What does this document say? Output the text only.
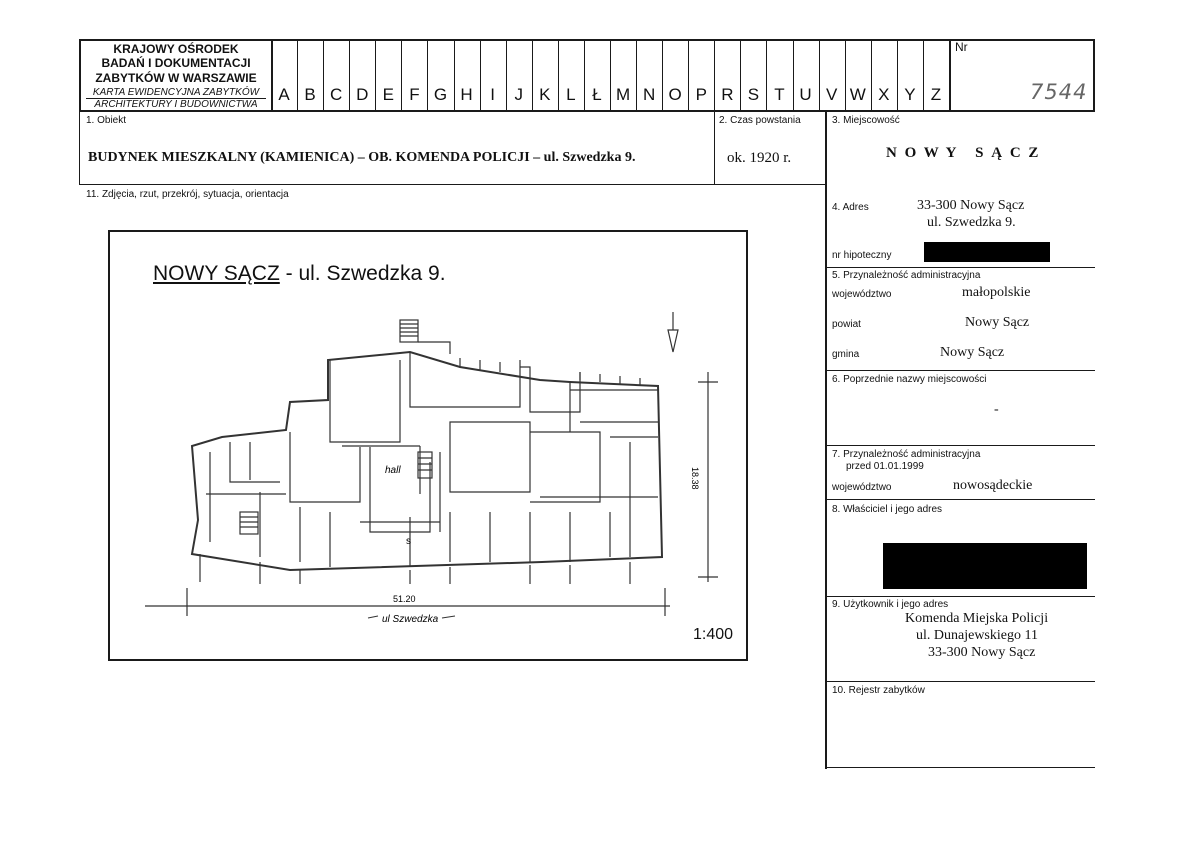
KRAJOWY OŚRODEK
BADAŃ I DOKUMENTACJI
ZABYTKÓW W WARSZAWIE
KARTA EWIDENCYJNA ZABYTKÓW
ARCHITEKTURY I BUDOWNICTWA
A B C D E F G H	I	J K L Ł M N O P R S T U V W X Y Z
Nr
7544
1. Obiekt
BUDYNEK MIESZKALNY (KAMIENICA) – OB. KOMENDA POLICJI – ul. Szwedzka 9.
2. Czas powstania
ok. 1920 r.
3. Miejscowość
N O W Y   S Ą C Z
11. Zdjęcia, rzut, przekrój, sytuacja, orientacja
NOWY SĄCZ - ul. Szwedzka 9.
1:400
hall
s
51.20
18.38
ul Szwedzka
4. Adres	33-300 Nowy Sącz
ul. Szwedzka 9.
nr hipoteczny
5. Przynależność administracyjna
województwo	małopolskie
powiat	Nowy Sącz
gmina	Nowy Sącz
6. Poprzednie nazwy miejscowości
-
7. Przynależność administracyjna
przed 01.01.1999
województwo	nowosądeckie
8. Właściciel i jego adres
9. Użytkownik i jego adres
Komenda Miejska Policji
ul. Dunajewskiego 11
33-300 Nowy Sącz
10. Rejestr zabytków
